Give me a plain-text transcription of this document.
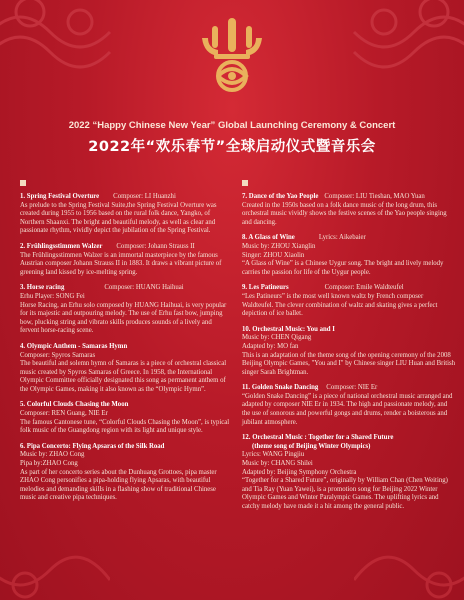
2022 “Happy Chinese New Year” Global Launching Ceremony & Concert
2022年“欢乐春节”全球启动仪式暨音乐会

1. Spring Festival Overture Composer: LI Huanzhi

As prelude to the Spring Festival Suite,the Spring Festival Overture was created during 1955 to 1956 based on the rural folk dance, Yangko, of Northern Shaanxi. The bright and beautiful melody, as well as clear and passionate rhythm, vividly depict the jubilation of the Spring Festival.

2. Frühlingsstimmen Walzer Composer: Johann Strauss II

The Frühlingsstimmen Walzer is an immortal masterpiece by the famous Austrian composer Johann Strauss II in 1883. It draws a vibrant picture of greening land kissed by ice-melting spring.

3. Horse racing	Composer: HUANG Haihuai

Erhu Player: SONG Fei

Horse Racing, an Erhu solo composed by HUANG Haihuai, is very popular for its majestic and outpouring melody. The use of Erhu fast bow, jumping bow, plucking string and vibrato skills produces sounds of a lively and fervent horse-racing scene.

4. Olympic Anthem - Samaras Hymn

Composer: Spyros Samaras

The beautiful and solemn hymn of Samaras is a piece of orchestral classical music created by Spyros Samaras of Greece. In 1958, the International Olympic Committee officially designated this song as permanent anthem of the Olympic Games, making it also known as the “Olympic Hymn”.

5. Colorful Clouds Chasing the Moon

Composer: REN Guang, NIE Er

The famous Cantonese tune, “Colorful Clouds Chasing the Moon”, is typical folk music of the Guangdong region with its light and unique style.

6. Pipa Concerto: Flying Apsaras of the Silk Road

Music by: ZHAO Cong

Pipa by:ZHAO Cong

As part of her concerto series about the Dunhuang Grottoes, pipa master ZHAO Cong personifies a pipa-holding flying Apsaras, with beautiful melodies and demanding skills in a flashing show of traditional Chinese music and creative pipa techniques.

7. Dance of the Yao People Composer: LIU Tieshan, MAO Yuan

Created in the 1950s based on a folk dance music of the long drum, this orchestral music vividly shows the festive scenes of the Yao people singing and dancing.

8. A Glass of Wine	Lyrics: Aikebaier

Music by: ZHOU Xianglin

Singer: ZHOU Xiaolin

“A Glass of Wine” is a Chinese Uygur song. The bright and lively melody carries the passion for life of the Uygur people.

9. Les Patineurs	Composer: Emile Waldteufel

“Les Patineurs” is the most well known waltz by French composer Waldteufel. The clever combination of waltz and skating gives a perfect depiction of ice ballet.

10. Orchestral Music: You and I

Music by: CHEN Qigang

Adapted by: MO fan

This is an adaptation of the theme song of the opening ceremony of the 2008 Beijing Olympic Games, "You and I" by Chinese singer LIU Huan and British singer Sarah Brightman.

11. Golden Snake Dancing Composer: NIE Er

“Golden Snake Dancing” is a piece of national orchestral music arranged and adapted by composer NIE Er in 1934. The high and passionate melody, and the use of sonorous and powerful gongs and drums, render a boisterous and jubilant atmosphere.

12. Orchestral Music : Together for a Shared Future

(theme song of Beijing Winter Olympics)

Lyrics: WANG Pingjiu

Music by: CHANG Shilei

Adapted by: Beijing Symphony Orchestra

“Together for a Shared Future”, originally by William Chan (Chen Weiting) and Tia Ray (Yuan Yawei), is a promotion song for Beijing 2022 Winter Olympic Games and Winter Paralympic Games. The uplifting lyrics and catchy melody have made it a hit among the general public.
